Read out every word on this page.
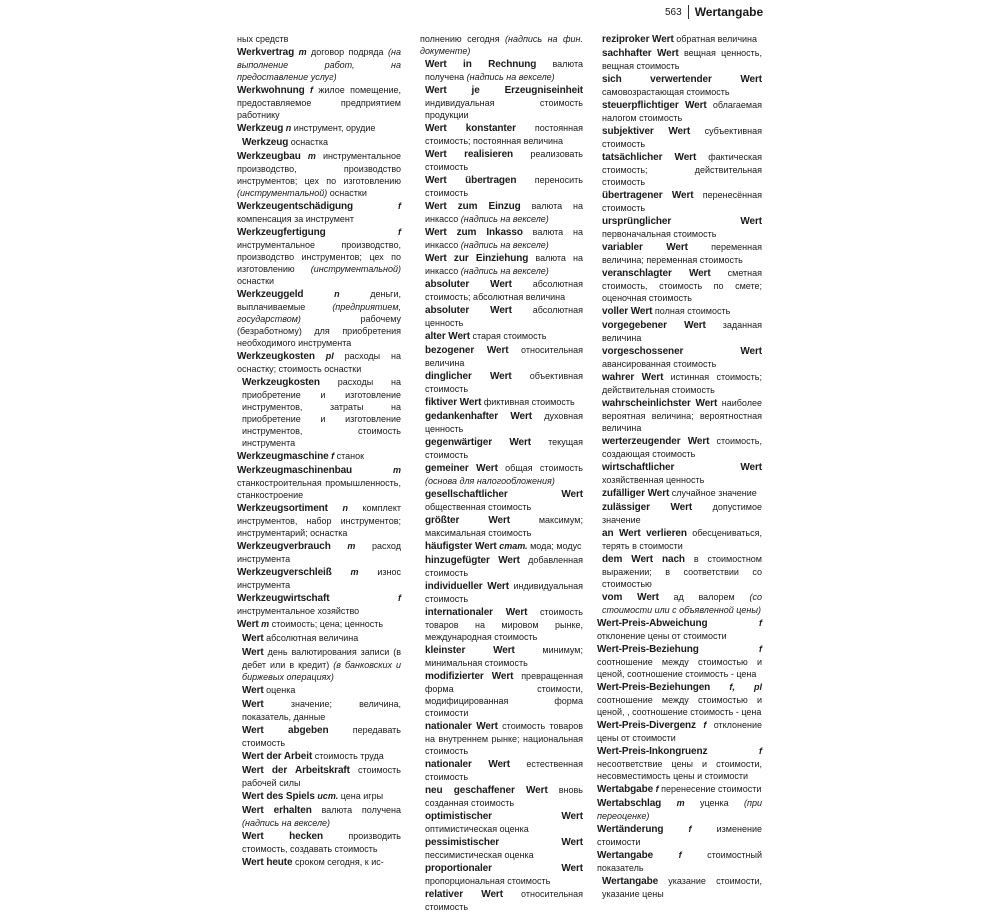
563	Wertangabe
ных средств
Werkvertrag m договор подряда (на выполнение работ, на предоставление услуг)
Werkwohnung f жилое помещение, предоставляемое предприятием работнику
Werkzeug n инструмент, орудие
Werkzeug оснастка
Werkzeugbau m инструментальное производство, производство инструментов; цех по изготовлению (инструментальной) оснастки
Werkzeugentschädigung	f компенсация за инструмент
Werkzeugfertigung	f инструментальное производство, производство инструментов; цех по изготовлению (инструментальной) оснастки
Werkzeuggeld	n	деньги, выплачиваемые	(предприятием, государством)	рабочему (безработному) для приобретения необходимого инструмента
Werkzeugkosten pl расходы на оснастку; стоимость оснастки
Werkzeugkosten расходы на приобретение и изготовление инструментов, затраты на приобретение и изготовление инструментов, стоимость инструмента
Werkzeugmaschine f станок
Werkzeugmaschinenbau	m станкостроительная промышленность, станкостроение
Werkzeugsortiment n комплект инструментов, набор инструментов; инструментарий; оснастка
Werkzeugverbrauch m расход инструмента
Werkzeugverschleiß m износ инструмента
Werkzeugwirtschaft	f инструментальное хозяйство
Wert m стоимость; цена; ценность
Wert абсолютная величина
Wert день валютирования записи (в дебет или в кредит) (в банковских и биржевых операциях)
Wert оценка
Wert	значение; величина, показатель, данные
Wert abgeben	передавать стоимость
Wert der Arbeit стоимость труда
Wert der Arbeitskraft стоимость рабочей силы
Wert des Spiels ист. цена игры
Wert erhalten валюта получена (надпись на векселе)
Wert hecken	производить стоимость, создавать стоимость
Wert heute сроком сегодня, к ис-
полнению сегодня (надпись на фин. документе)
Wert in Rechnung валюта получена (надпись на векселе)
Wert je Erzeugniseinheit индивидуальная стоимость продукции
Wert konstanter постоянная стоимость; постоянная величина
Wert realisieren реализовать стоимость
Wert übertragen переносить стоимость
Wert zum Einzug валюта на инкассо (надпись на векселе)
Wert zum Inkasso валюта на инкассо (надпись на векселе)
Wert zur Einziehung валюта на инкассо (надпись на векселе)
absoluter Wert абсолютная стоимость; абсолютная величина
absoluter Wert абсолютная ценность
alter Wert старая стоимость
bezogener Wert относительная величина
dinglicher Wert объективная стоимость
fiktiver Wert фиктивная стоимость
gedankenhafter Wert духовная ценность
gegenwärtiger Wert текущая стоимость
gemeiner Wert общая стоимость (основа для налогообложения)
gesellschaftlicher Wert общественная стоимость
größter Wert	максимум; максимальная стоимость
häufigster Wert стат. мода; модус
hinzugefügter Wert добавленная стоимость
individueller Wert индивидуальная стоимость
internationaler Wert стоимость товаров на мировом рынке, международная стоимость
kleinster Wert	минимум; минимальная стоимость
modifizierter Wert превращенная форма стоимости, модифицированная форма стоимости
nationaler Wert стоимость товаров на внутреннем рынке; национальная стоимость
nationaler Wert естественная стоимость
neu geschaffener Wert вновь созданная стоимость
optimistischer Wert оптимистическая оценка
pessimistischer Wert пессимистическая оценка
proportionaler Wert пропорциональная стоимость
relativer Wert относительная стоимость
reziproker Wert обратная величина
sachhafter Wert вещная ценность, вещная стоимость
sich verwertender Wert самовозрастающая стоимость
steuerpflichtiger Wert облагаемая налогом стоимость
subjektiver Wert субъективная стоимость
tatsächlicher Wert фактическая стоимость; действительная стоимость
übertragener Wert перенесённая стоимость
ursprünglicher Wert первоначальная стоимость
variabler Wert	переменная величина; переменная стоимость
veranschlagter Wert сметная стоимость, стоимость по смете; оценочная стоимость
voller Wert полная стоимость
vorgegebener Wert заданная величина
vorgeschossener Wert авансированная стоимость
wahrer Wert истинная стоимость; действительная стоимость
wahrscheinlichster Wert наиболее вероятная величина; вероятностная величина
werterzeugender Wert стоимость, создающая стоимость
wirtschaftlicher Wert хозяйственная ценность
zufälliger Wert случайное значение
zulässiger Wert допустимое значение
an Wert verlieren обесцениваться, терять в стоимости
dem Wert nach в стоимостном выражении; в соответствии со стоимостью
vom Wert ад валорем (со стоимости или с объявленной цены)
Wert-Preis-Abweichung	f отклонение цены от стоимости
Wert-Preis-Beziehung	f соотношение между стоимостью и ценой, соотношение стоимость - цена
Wert-Preis-Beziehungen f, pl соотношение между стоимостью и ценой, , соотношение стоимость - цена
Wert-Preis-Divergenz f отклонение цены от стоимости
Wert-Preis-Inkongruenz	f несоответствие цены и стоимости, несовместимость цены и стоимости
Wertabgabe f перенесение стоимости
Wertabschlag m уценка (при переоценке)
Wertänderung	f	изменение стоимости
Wertangabe	f	стоимостный показатель
Wertangabe указание стоимости, указание цены
